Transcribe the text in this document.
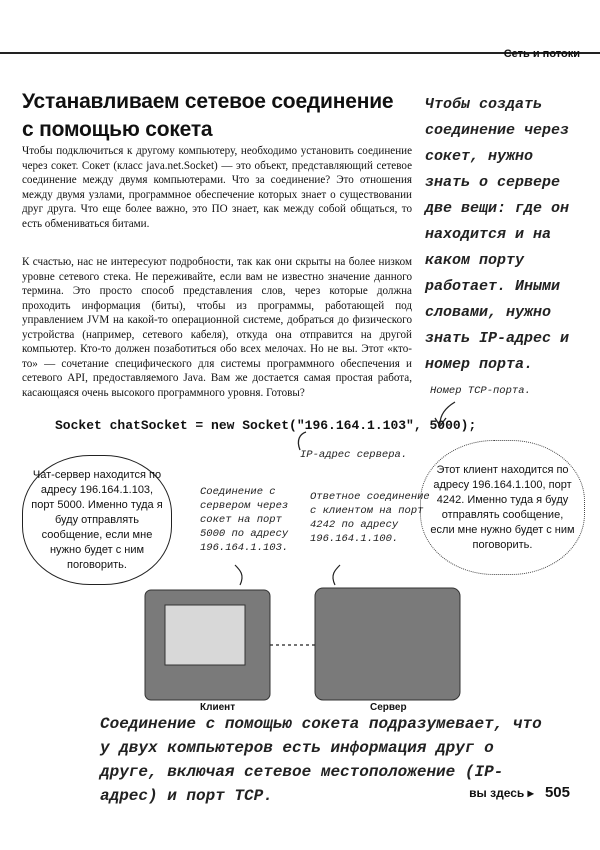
Сеть и потоки
Устанавливаем сетевое соединение
с помощью сокета
Чтобы подключиться к другому компьютеру, необходимо установить соединение через сокет. Сокет (класс java.net.Socket) — это объект, представляющий сетевое соединение между двумя компьютерами. Что за соединение? Это отношения между двумя узлами, программное обеспечение которых знает о существовании друг друга. Что еще более важно, это ПО знает, как между собой общаться, то есть обмениваться битами.
К счастью, нас не интересуют подробности, так как они скрыты на более низком уровне сетевого стека. Не переживайте, если вам не известно значение данного термина. Это просто способ представления слов, через которые должна проходить информация (биты), чтобы из программы, работающей под управлением JVM на какой-то операционной системе, добраться до физического устройства (например, сетевого кабеля), откуда она отправится на другой компьютер. Кто-то должен позаботиться обо всех мелочах. Но не вы. Этот «кто-то» — сочетание специфического для системы программного обеспечения и сетевого API, предоставляемого Java. Вам же достается самая простая работа, касающаяся очень высокого программного уровня. Готовы?
Чтобы создать соединение через сокет, нужно знать о сервере две вещи: где он находится и на каком порту работает. Иными словами, нужно знать IP-адрес и номер порта.
Socket chatSocket = new Socket("196.164.1.103", 5000);
Номер TCP-порта.
IP-адрес сервера.
Чат-сервер находится по адресу 196.164.1.103, порт 5000. Именно туда я буду отправлять сообщение, если мне нужно будет с ним поговорить.
Этот клиент находится по адресу 196.164.1.100, порт 4242. Именно туда я буду отправлять сообщение, если мне нужно будет с ним поговорить.
Соединение с сервером через сокет на порт 5000 по адресу 196.164.1.103.
Ответное соединение с клиентом на порт 4242 по адресу 196.164.1.100.
Клиент	Сервер
Соединение с помощью сокета подразумевает, что у двух компьютеров есть информация друг о друге, включая сетевое местоположение (IP-адрес) и порт TCP.	вы здесь ▸ 505
